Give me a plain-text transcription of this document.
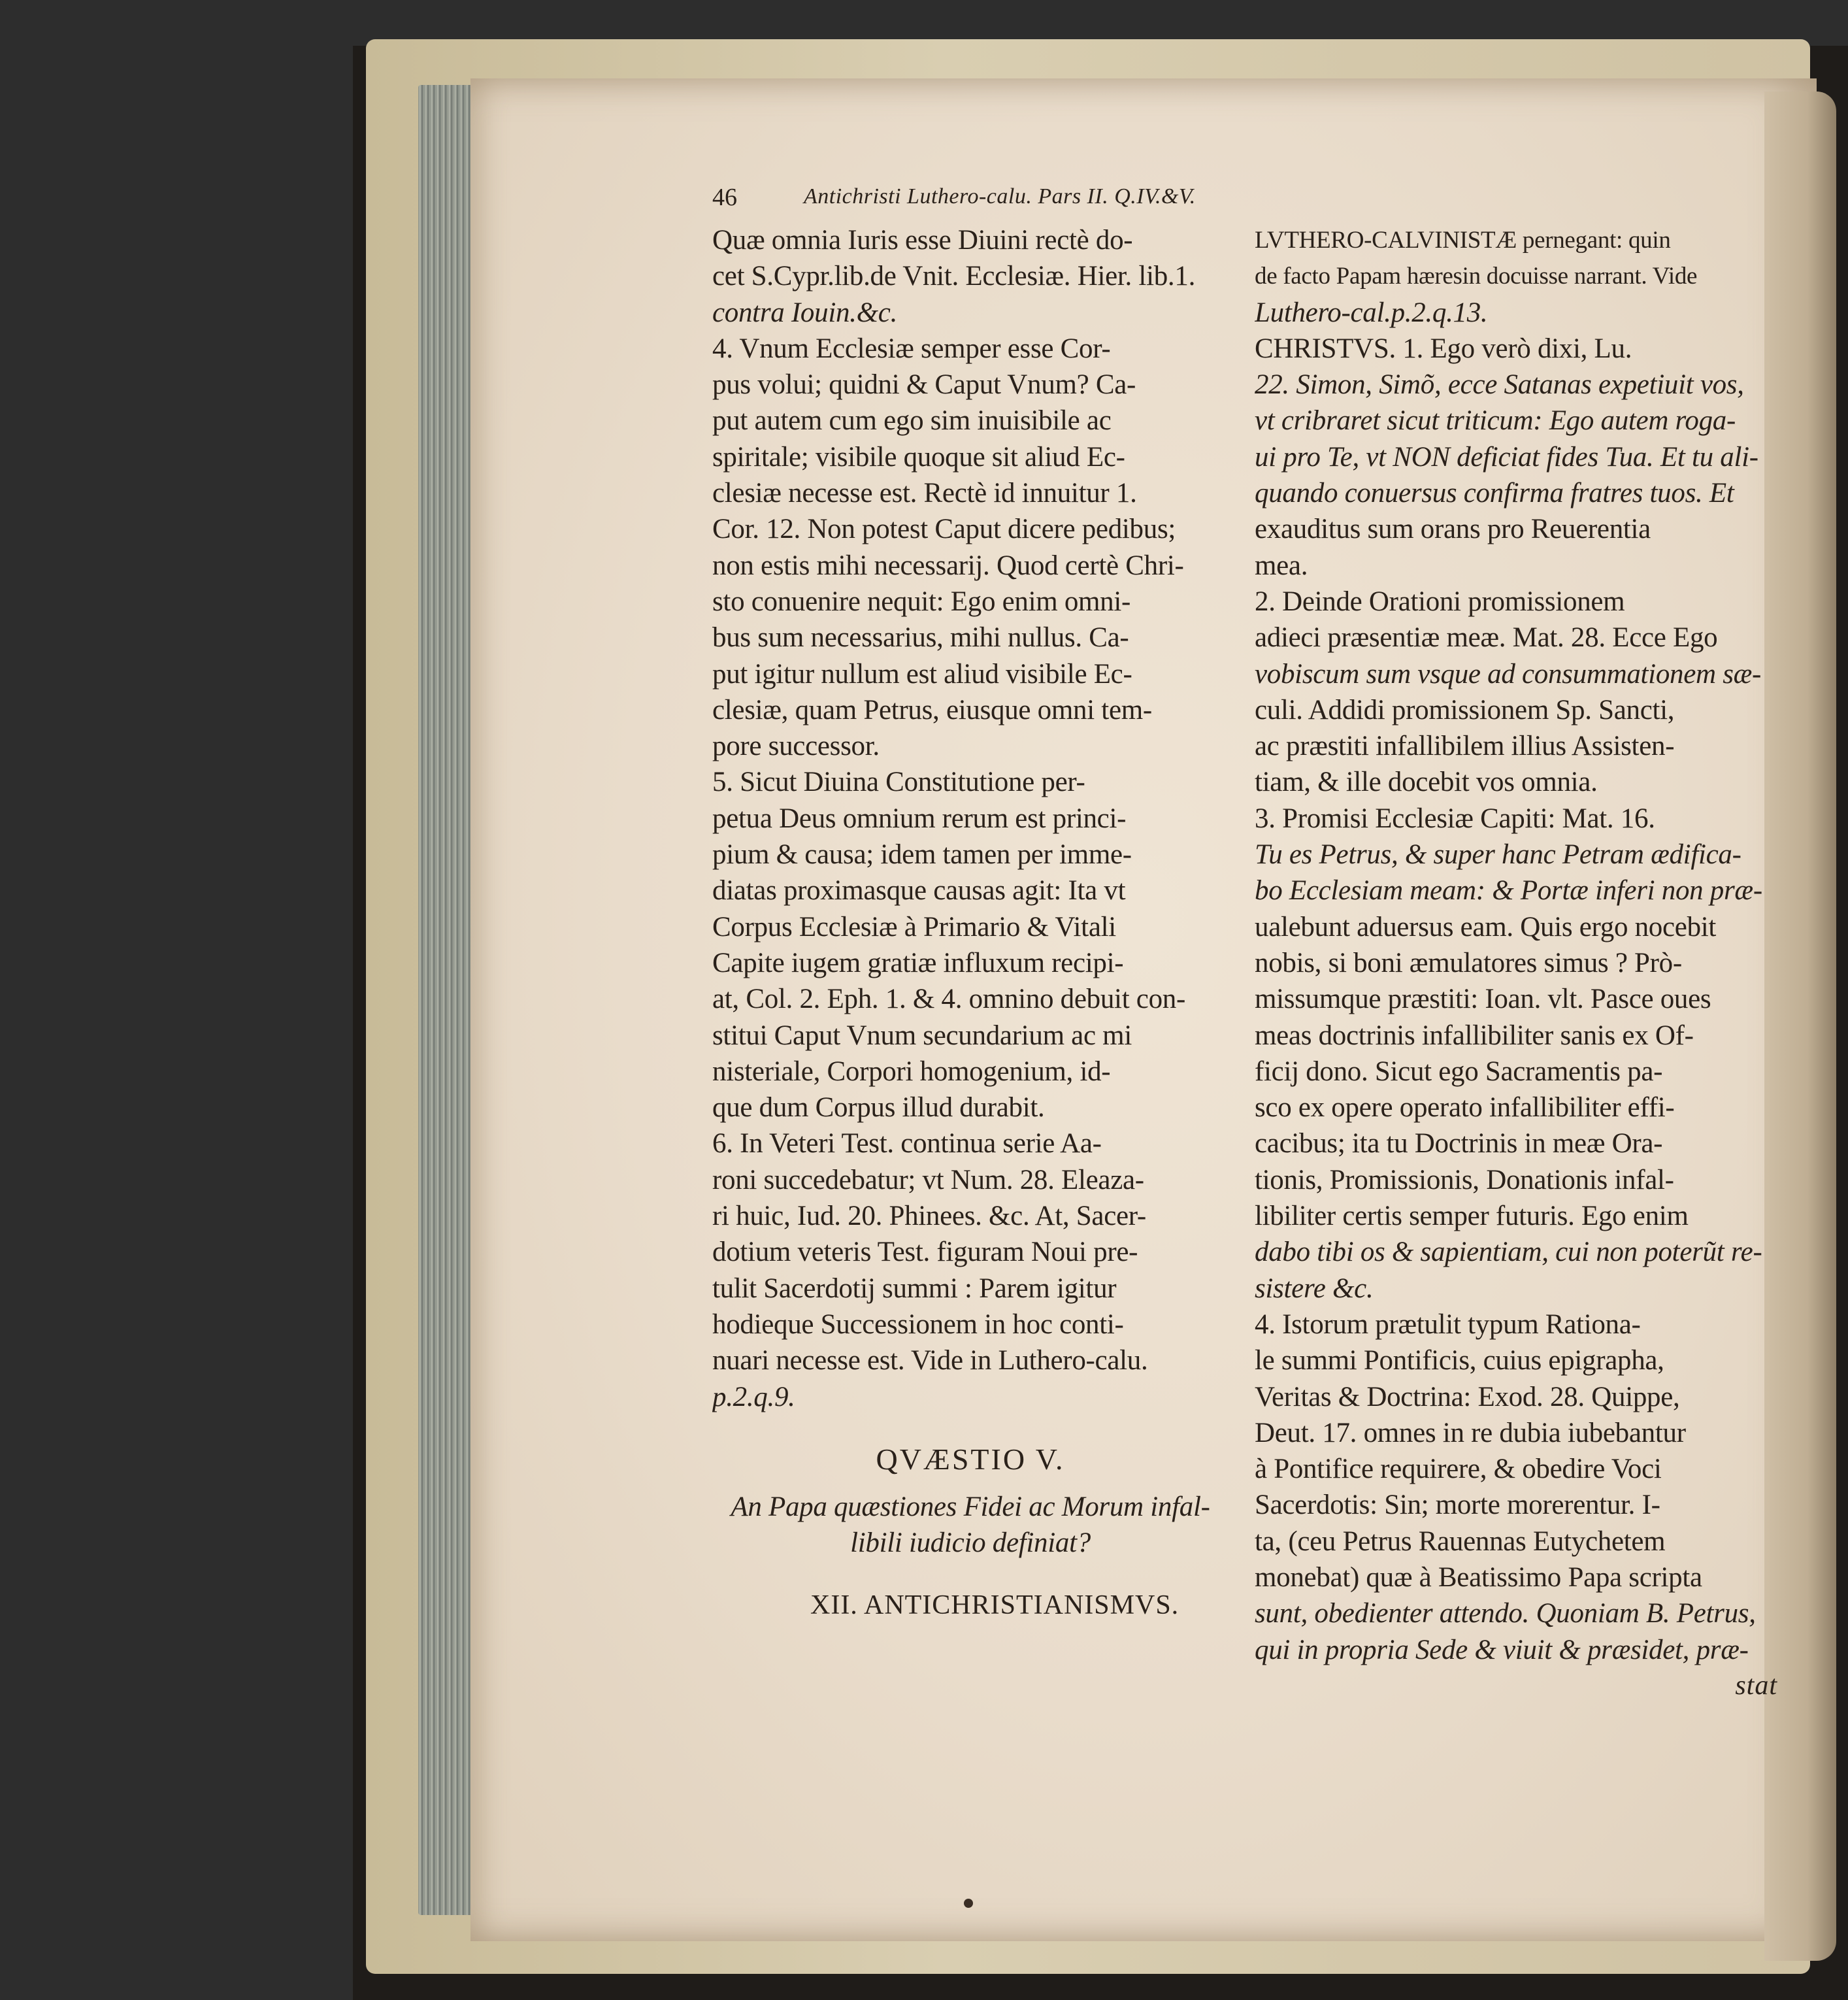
46	Antichristi Luthero-calu. Pars II. Q.IV.&V.
Quæ omnia Iuris esse Diuini rectè do-
cet S.Cypr.lib.de Vnit. Ecclesiæ. Hier. lib.1.
contra Iouin.&c.
4. Vnum Ecclesiæ semper esse Cor-
pus volui; quidni & Caput Vnum? Ca-
put autem cum ego sim inuisibile ac
spiritale; visibile quoque sit aliud Ec-
clesiæ necesse est. Rectè id innuitur 1.
Cor. 12. Non potest Caput dicere pedibus;
non estis mihi necessarij. Quod certè Chri-
sto conuenire nequit: Ego enim omni-
bus sum necessarius, mihi nullus. Ca-
put igitur nullum est aliud visibile Ec-
clesiæ, quam Petrus, eiusque omni tem-
pore successor.
5. Sicut Diuina Constitutione per-
petua Deus omnium rerum est princi-
pium & causa; idem tamen per imme-
diatas proximasque causas agit: Ita vt
Corpus Ecclesiæ à Primario & Vitali
Capite iugem gratiæ influxum recipi-
at, Col. 2. Eph. 1. & 4. omnino debuit con-
stitui Caput Vnum secundarium ac mi
nisteriale, Corpori homogenium, id-
que dum Corpus illud durabit.
6. In Veteri Test. continua serie Aa-
roni succedebatur; vt Num. 28. Eleaza-
ri huic, Iud. 20. Phinees. &c. At, Sacer-
dotium veteris Test. figuram Noui pre-
tulit Sacerdotij summi : Parem igitur
hodieque Successionem in hoc conti-
nuari necesse est. Vide in Luthero-calu.
p.2.q.9.
QVÆSTIO V.
An Papa quæstiones Fidei ac Morum infal-
libili iudicio definiat?
XII. ANTICHRISTIANISMVS.
LVTHERO-CALVINISTÆ pernegant: quin
de facto Papam hæresin docuisse narrant. Vide
Luthero-cal.p.2.q.13.
CHRISTVS. 1. Ego verò dixi, Lu.
22. Simon, Simõ, ecce Satanas expetiuit vos,
vt cribraret sicut triticum: Ego autem roga-
ui pro Te, vt NON deficiat fides Tua. Et tu ali-
quando conuersus confirma fratres tuos. Et
exauditus sum orans pro Reuerentia
mea.
2. Deinde Orationi promissionem
adieci præsentiæ meæ. Mat. 28. Ecce Ego
vobiscum sum vsque ad consummationem sæ-
culi. Addidi promissionem Sp. Sancti,
ac præstiti infallibilem illius Assisten-
tiam, & ille docebit vos omnia.
3. Promisi Ecclesiæ Capiti: Mat. 16.
Tu es Petrus, & super hanc Petram ædifica-
bo Ecclesiam meam: & Portæ inferi non præ-
ualebunt aduersus eam. Quis ergo nocebit
nobis, si boni æmulatores simus ? Prò-
missumque præstiti: Ioan. vlt. Pasce oues
meas doctrinis infallibiliter sanis ex Of-
ficij dono. Sicut ego Sacramentis pa-
sco ex opere operato infallibiliter effi-
cacibus; ita tu Doctrinis in meæ Ora-
tionis, Promissionis, Donationis infal-
libiliter certis semper futuris. Ego enim
dabo tibi os & sapientiam, cui non poterũt re-
sistere &c.
4. Istorum prætulit typum Rationa-
le summi Pontificis, cuius epigrapha,
Veritas & Doctrina: Exod. 28. Quippe,
Deut. 17. omnes in re dubia iubebantur
à Pontifice requirere, & obedire Voci
Sacerdotis: Sin; morte morerentur. I-
ta, (ceu Petrus Rauennas Eutychetem
monebat) quæ à Beatissimo Papa scripta
sunt, obedienter attendo. Quoniam B. Petrus,
qui in propria Sede & viuit & præsidet, præ-
stat
